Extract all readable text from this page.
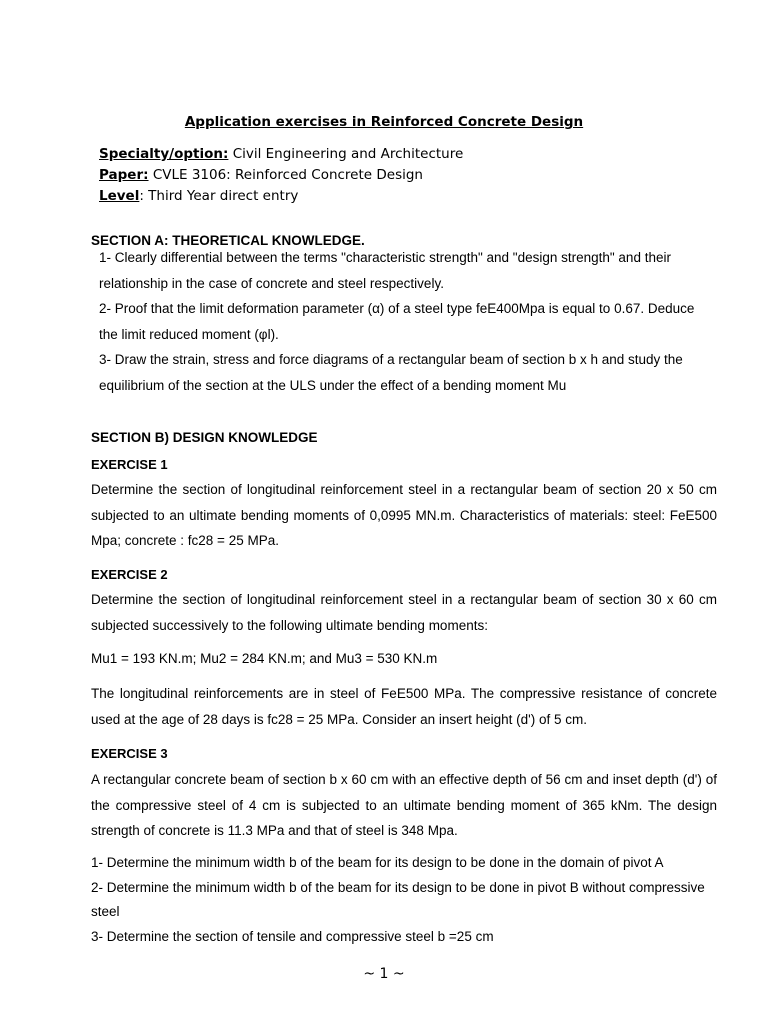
Application exercises in Reinforced Concrete Design
Specialty/option: Civil Engineering and Architecture
Paper: CVLE 3106: Reinforced Concrete Design
Level: Third Year direct entry
SECTION A: THEORETICAL KNOWLEDGE.

1- Clearly differential between the terms "characteristic strength" and "design strength" and their relationship in the case of concrete and steel respectively.

2- Proof that the limit deformation parameter (α) of a steel type feE400Mpa is equal to 0.67. Deduce the limit reduced moment (φl).

3- Draw the strain, stress and force diagrams of a rectangular beam of section b x h and study the equilibrium of the section at the ULS under the effect of a bending moment Mu

SECTION B) DESIGN KNOWLEDGE
EXERCISE 1
Determine the section of longitudinal reinforcement steel in a rectangular beam of section 20 x 50 cm subjected to an ultimate bending moments of 0,0995 MN.m. Characteristics of materials: steel: FeE500 Mpa; concrete : fc28 = 25 MPa.
EXERCISE 2
Determine the section of longitudinal reinforcement steel in a rectangular beam of section 30 x 60 cm subjected successively to the following ultimate bending moments:
Mu1 = 193 KN.m; Mu2 = 284 KN.m; and Mu3 = 530 KN.m
The longitudinal reinforcements are in steel of FeE500 MPa. The compressive resistance of concrete used at the age of 28 days is fc28 = 25 MPa. Consider an insert height (d') of 5 cm.
EXERCISE 3
A rectangular concrete beam of section b x 60 cm with an effective depth of 56 cm and inset depth (d') of the compressive steel of 4 cm is subjected to an ultimate bending moment of 365 kNm. The design strength of concrete is 11.3 MPa and that of steel is 348 Mpa.

1- Determine the minimum width b of the beam for its design to be done in the domain of pivot A

2- Determine the minimum width b of the beam for its design to be done in pivot B without compressive steel

3- Determine the section of tensile and compressive steel b =25 cm

~ 1 ~
